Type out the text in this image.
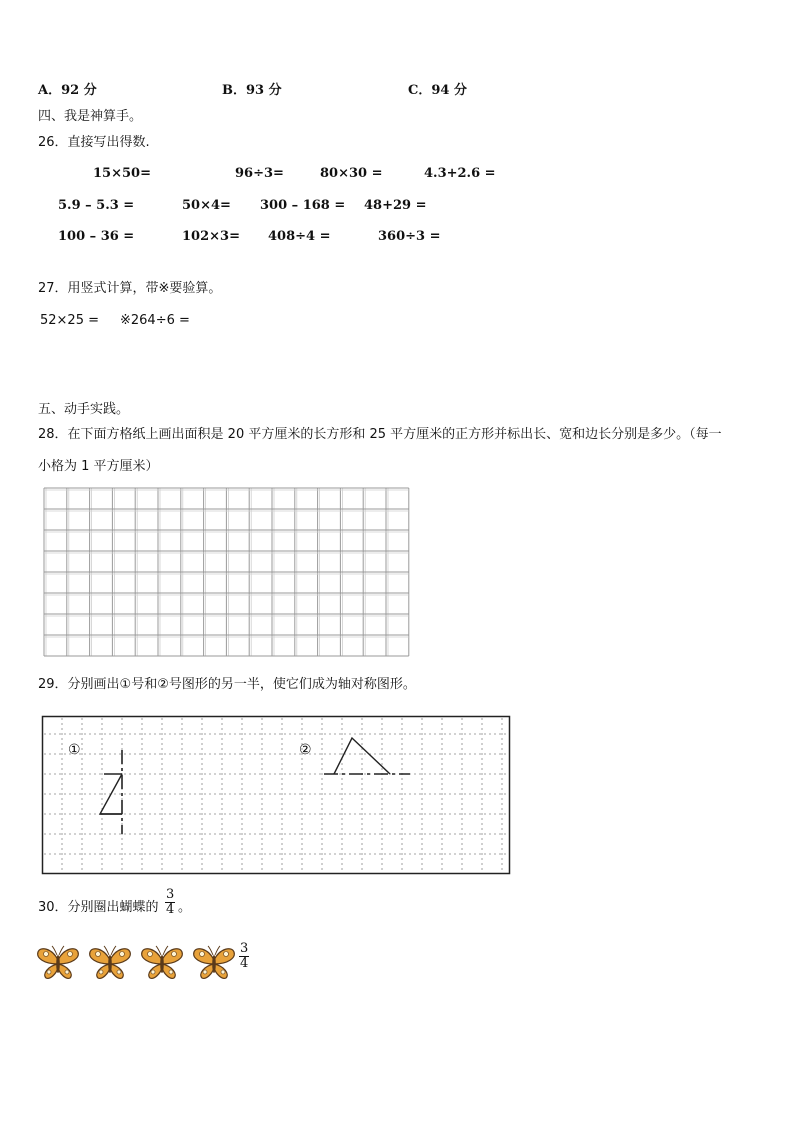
A．92 分	B．93 分	C．94 分
四、我是神算手。
26．直接写出得数.
15×50=	96÷3=	80×30 =	4.3+2.6 =
5.9 – 5.3 =	50×4= 300 – 168 = 48+29 =
100 – 36 =	102×3= 408÷4 =	360÷3 =
27．用竖式计算，带※要验算。
52×25 = ※264÷6 =
五、动手实践。
28．在下面方格纸上画出面积是 20 平方厘米的长方形和 25 平方厘米的正方形并标出长、宽和边长分别是多少。（每一
小格为 1 平方厘米）
29．分别画出①号和②号图形的另一半，使它们成为轴对称图形。
①	②
30．分别圈出蝴蝶的 $\frac{3}{4}$ 。
$\frac{3}{4}$
